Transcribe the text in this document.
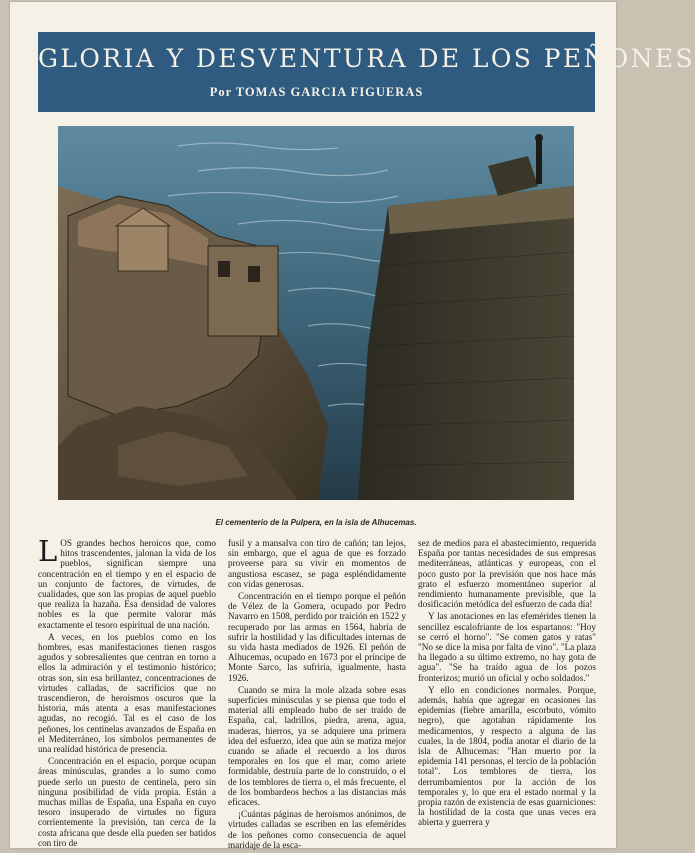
GLORIA Y DESVENTURA DE LOS PEÑONES
Por TOMAS GARCIA FIGUERAS
El cementerio de la Pulpera, en la isla de Alhucemas.

LOS grandes hechos heroicos que, como hitos trascendentes, jalonan la vida de los pueblos, significan siempre una concentración en el tiempo y en el espacio de un conjunto de factores, de virtudes, de cualidades, que son las propias de aquel pueblo que realiza la hazaña. Esa densidad de valores nobles es la que permite valorar más exactamente el tesoro espiritual de una nación.

A veces, en los pueblos como en los hombres, esas manifestaciones tienen rasgos agudos y sobresalientes que centran en torno a ellos la admiración y el testimonio histórico; otras son, sin esa brillantez, concentraciones de virtudes calladas, de sacrificios que no trascendieron, de heroísmos oscuros que la historia, más atenta a esas manifestaciones agudas, no recogió. Tal es el caso de los peñones, los centinelas avanzados de España en el Mediterráneo, los símbolos permanentes de una realidad histórica de presencia.

Concentración en el espacio, porque ocupan áreas minúsculas, grandes a lo sumo como puede serlo un puesto de centinela, pero sin ninguna posibilidad de vida propia. Están a muchas millas de España, una España en cuyo tesoro insuperado de virtudes no figura corrientemente la previsión, tan cerca de la costa africana que desde ella pueden ser batidos con tiro de

fusil y a mansalva con tiro de cañón; tan lejos, sin embargo, que el agua de que es forzado proveerse para su vivir en momentos de angustiosa escasez, se paga espléndidamente con vidas generosas.

Concentración en el tiempo porque el peñón de Vélez de la Gomera, ocupado por Pedro Navarro en 1508, perdido por traición en 1522 y recuperado por las armas en 1564, habría de sufrir la hostilidad y las dificultades internas de su vida hasta mediados de 1926. El peñón de Alhucemas, ocupado en 1673 por el príncipe de Monte Sarco, las sufriría, igualmente, hasta 1926.

Cuando se mira la mole alzada sobre esas superficies minúsculas y se piensa que todo el material allí empleado hubo de ser traído de España, cal, ladrillos, piedra, arena, agua, maderas, hierros, ya se adquiere una primera idea del esfuerzo, idea que aún se matiza mejor cuando se añade el recuerdo a los duros temporales en los que el mar, como ariete formidable, destruía parte de lo construido, o el de los temblores de tierra o, el más frecuente, el de los bombardeos hechos a las distancias más eficaces.

¡Cuántas páginas de heroísmos anónimos, de virtudes calladas se escriben en las efemérides de los peñones como consecuencia de aquel maridaje de la esca-

sez de medios para el abastecimiento, requerida España por tantas necesidades de sus empresas mediterráneas, atlánticas y europeas, con el poco gusto por la previsión que nos hace más grato el esfuerzo momentáneo superior al rendimiento humanamente previsible, que la dosificación metódica del esfuerzo de cada día!

Y las anotaciones en las efemérides tienen la sencillez escalofriante de los espartanos: "Hoy se cerró el horno". "Se comen gatos y ratas" "No se dice la misa por falta de vino". "La plaza ha llegado a su último extremo, no hay gota de agua". "Se ha traído agua de los pozos fronterizos; murió un oficial y ocho soldados."

Y ello en condiciones normales. Porque, además, había que agregar en ocasiones las epidemias (fiebre amarilla, escorbuto, vómito negro), que agotaban rápidamente los medicamentos, y respecto a alguna de las cuales, la de 1804, podía anotar el diario de la isla de Alhucemas: "Han muerto por la epidemia 141 personas, el tercio de la población total". Los temblores de tierra, los derrumbamientos por la acción de los temporales y, lo que era el estado normal y la propia razón de existencia de esas guarniciones: la hostilidad de la costa que unas veces era abierta y guerrera y
